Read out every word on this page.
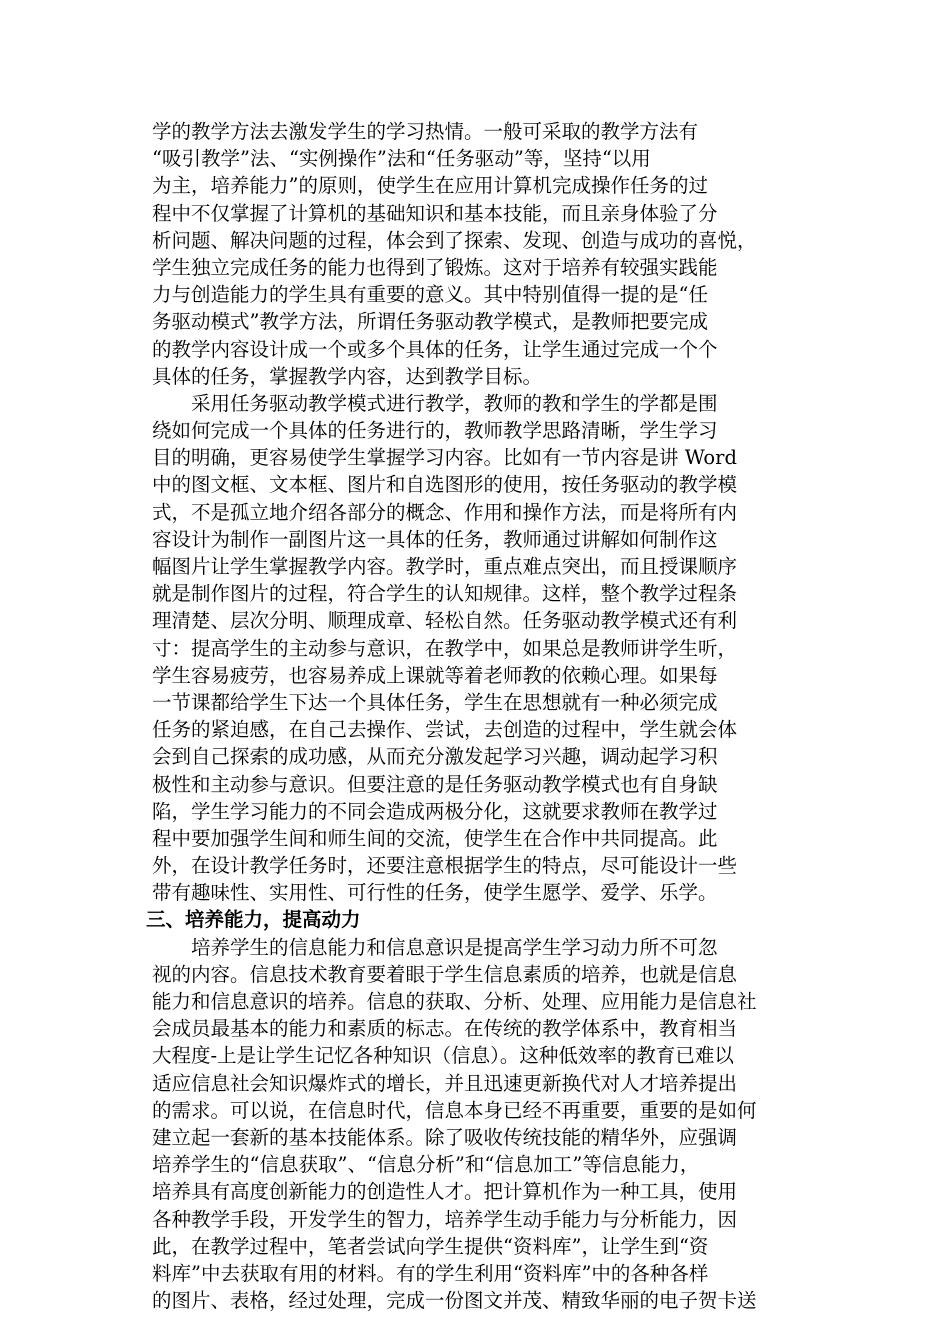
学的教学方法去激发学生的学习热情。一般可采取的教学方法有
“吸引教学”法、“实例操作”法和“任务驱动”等，坚持“以用
为主，培养能力”的原则，使学生在应用计算机完成操作任务的过
程中不仅掌握了计算机的基础知识和基本技能，而且亲身体验了分
析问题、解决问题的过程，体会到了探索、发现、创造与成功的喜悦，
学生独立完成任务的能力也得到了锻炼。这对于培养有较强实践能
力与创造能力的学生具有重要的意义。其中特别值得一提的是“任
务驱动模式”教学方法，所谓任务驱动教学模式，是教师把要完成
的教学内容设计成一个或多个具体的任务，让学生通过完成一个个
具体的任务，掌握教学内容，达到教学目标。
　　采用任务驱动教学模式进行教学，教师的教和学生的学都是围
绕如何完成一个具体的任务进行的，教师教学思路清晰，学生学习
目的明确，更容易使学生掌握学习内容。比如有一节内容是讲 Word
中的图文框、文本框、图片和自选图形的使用，按任务驱动的教学模
式，不是孤立地介绍各部分的概念、作用和操作方法，而是将所有内
容设计为制作一副图片这一具体的任务，教师通过讲解如何制作这
幅图片让学生掌握教学内容。教学时，重点难点突出，而且授课顺序
就是制作图片的过程，符合学生的认知规律。这样，整个教学过程条
理清楚、层次分明、顺理成章、轻松自然。任务驱动教学模式还有利
寸：提高学生的主动参与意识，在教学中，如果总是教师讲学生听，
学生容易疲劳，也容易养成上课就等着老师教的依赖心理。如果每
一节课都给学生下达一个具体任务，学生在思想就有一种必须完成
任务的紧迫感，在自己去操作、尝试，去创造的过程中，学生就会体
会到自己探索的成功感，从而充分激发起学习兴趣，调动起学习积
极性和主动参与意识。但要注意的是任务驱动教学模式也有自身缺
陷，学生学习能力的不同会造成两极分化，这就要求教师在教学过
程中要加强学生间和师生间的交流，使学生在合作中共同提高。此
外，在设计教学任务时，还要注意根据学生的特点，尽可能设计一些
带有趣味性、实用性、可行性的任务，使学生愿学、爱学、乐学。
三、培养能力，提高动力
　　培养学生的信息能力和信息意识是提高学生学习动力所不可忽
视的内容。信息技术教育要着眼于学生信息素质的培养，也就是信息
能力和信息意识的培养。信息的获取、分析、处理、应用能力是信息社
会成员最基本的能力和素质的标志。在传统的教学体系中，教育相当
大程度-上是让学生记忆各种知识（信息）。这种低效率的教育已难以
适应信息社会知识爆炸式的增长，并且迅速更新换代对人才培养提出
的需求。可以说，在信息时代，信息本身已经不再重要，重要的是如何
建立起一套新的基本技能体系。除了吸收传统技能的精华外，应强调
培养学生的“信息获取”、“信息分析”和“信息加工”等信息能力，
培养具有高度创新能力的创造性人才。把计算机作为一种工具，使用
各种教学手段，开发学生的智力，培养学生动手能力与分析能力，因
此，在教学过程中，笔者尝试向学生提供“资料库”，让学生到“资
料库”中去获取有用的材料。有的学生利用“资料库”中的各种各样
的图片、表格，经过处理，完成一份图文并茂、精致华丽的电子贺卡送
